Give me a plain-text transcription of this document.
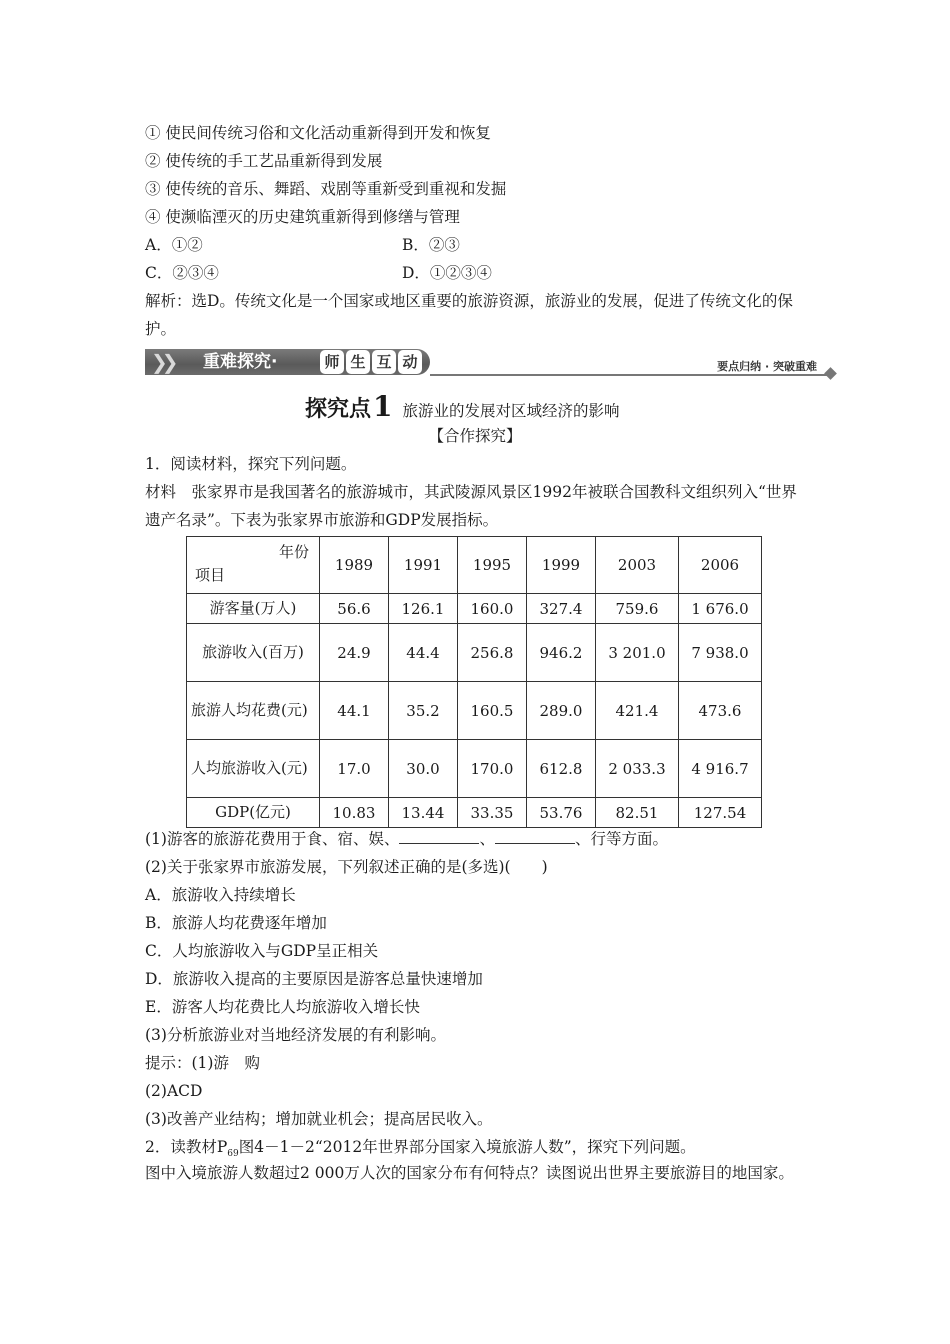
① 使民间传统习俗和文化活动重新得到开发和恢复
② 使传统的手工艺品重新得到发展
③ 使传统的音乐、舞蹈、戏剧等重新受到重视和发掘
④ 使濒临湮灭的历史建筑重新得到修缮与管理
A．①②	B．②③
C．②③④	D．①②③④
解析：选D。传统文化是一个国家或地区重要的旅游资源，旅游业的发展，促进了传统文化的保护。
❯❯ 重难探究·	师 生 互 动	要点归纳 · 突破重难
探究点1 旅游业的发展对区域经济的影响
【合作探究】
1．阅读材料，探究下列问题。
材料　张家界市是我国著名的旅游城市，其武陵源风景区1992年被联合国教科文组织列入“世界遗产名录”。下表为张家界市旅游和GDP发展指标。
年份
项目	1989	1991	1995	1999	2003	2006
游客量(万人)	56.6	126.1	160.0	327.4	759.6	1 676.0
旅游收入(百万)	24.9	44.4	256.8	946.2	3 201.0	7 938.0
旅游人均花费(元)	44.1	35.2	160.5	289.0	421.4	473.6
人均旅游收入(元)	17.0	30.0	170.0	612.8	2 033.3	4 916.7
GDP(亿元)	10.83	13.44	33.35	53.76	82.51	127.54
(1)游客的旅游花费用于食、宿、娱、	、	、行等方面。
(2)关于张家界市旅游发展，下列叙述正确的是(多选)(　　)
A．旅游收入持续增长
B．旅游人均花费逐年增加
C．人均旅游收入与GDP呈正相关
D．旅游收入提高的主要原因是游客总量快速增加
E．游客人均花费比人均旅游收入增长快
(3)分析旅游业对当地经济发展的有利影响。
提示：(1)游　购
(2)ACD
(3)改善产业结构；增加就业机会；提高居民收入。
2．读教材$P_{69}$图4－1－2“2012年世界部分国家入境旅游人数”，探究下列问题。
图中入境旅游人数超过2 000万人次的国家分布有何特点？读图说出世界主要旅游目的地国家。
